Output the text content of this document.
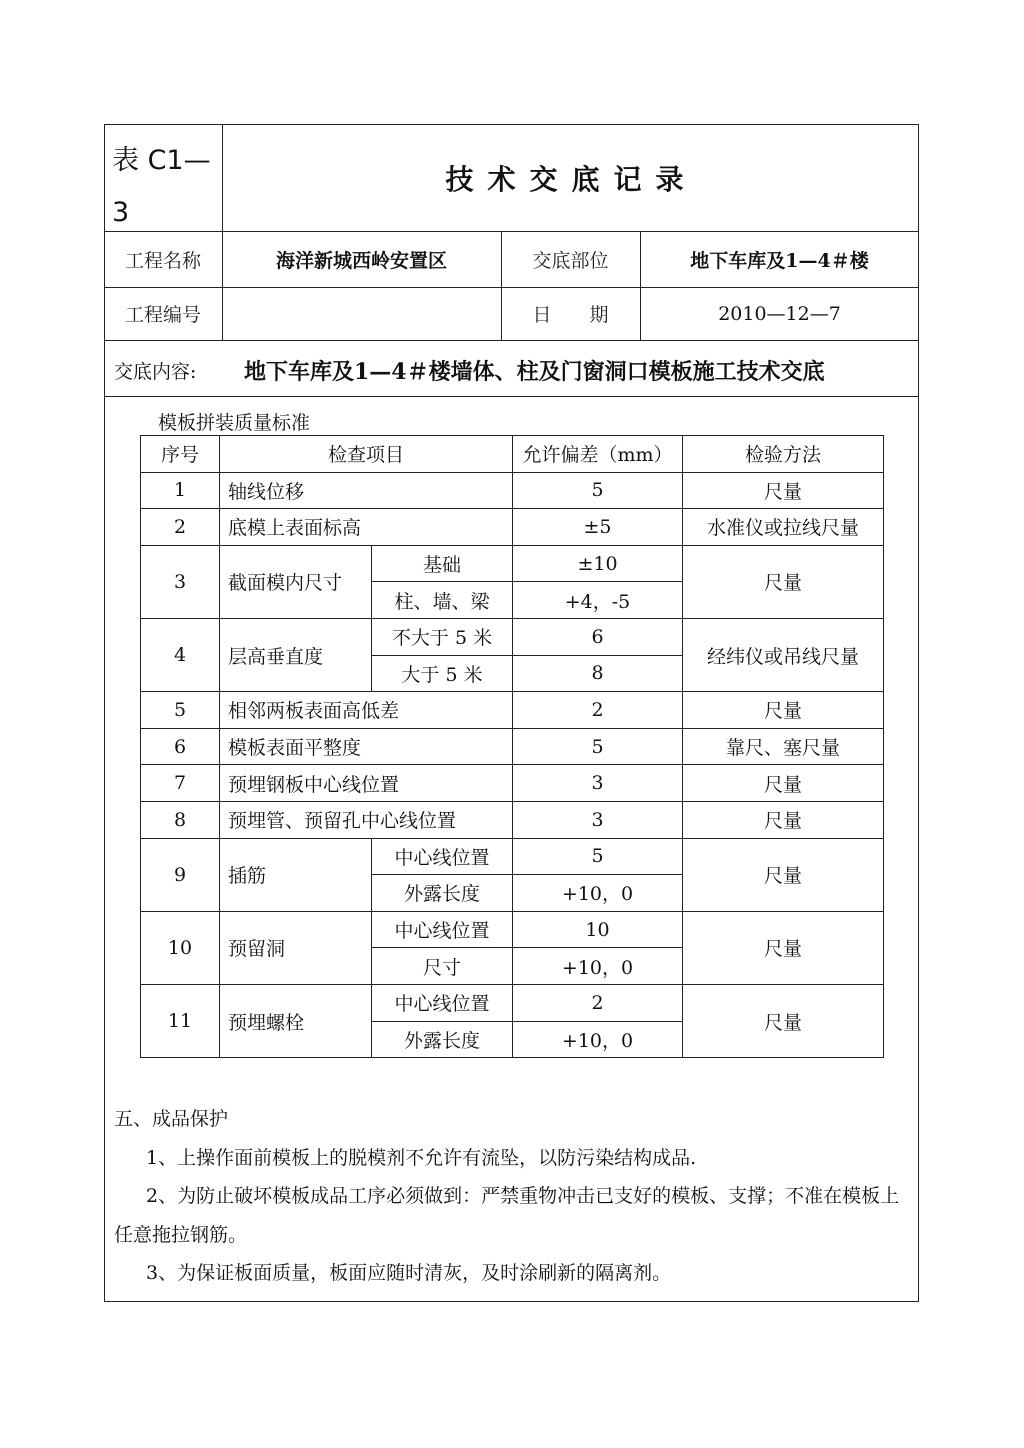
表 C1—3
技术交底记录
工程名称	海洋新城西岭安置区	交底部位	地下车库及1—4＃楼
工程编号	日　　期	2010—12—7
交底内容:	地下车库及1—4＃楼墙体、柱及门窗洞口模板施工技术交底
模板拼装质量标准
序号	检查项目		允许偏差（mm）	检验方法
1	轴线位移		5	尺量
2	底模上表面标高		±5	水准仪或拉线尺量
3	截面模内尺寸	基础	±10	尺量
		柱、墙、梁	+4，-5	
4	层高垂直度	不大于 5 米	6	经纬仪或吊线尺量
		大于 5 米	8	
5	相邻两板表面高低差		2	尺量
6	模板表面平整度		5	靠尺、塞尺量
7	预埋钢板中心线位置		3	尺量
8	预埋管、预留孔中心线位置		3	尺量
9	插筋	中心线位置	5	尺量
		外露长度	+10，0	
10	预留洞	中心线位置	10	尺量
		尺寸	+10，0	
11	预埋螺栓	中心线位置	2	尺量
		外露长度	+10，0	

五、成品保护

1、上操作面前模板上的脱模剂不允许有流坠，以防污染结构成品.

2、为防止破坏模板成品工序必须做到：严禁重物冲击已支好的模板、支撑；不准在模板上任意拖拉钢筋。

3、为保证板面质量，板面应随时清灰，及时涂刷新的隔离剂。
